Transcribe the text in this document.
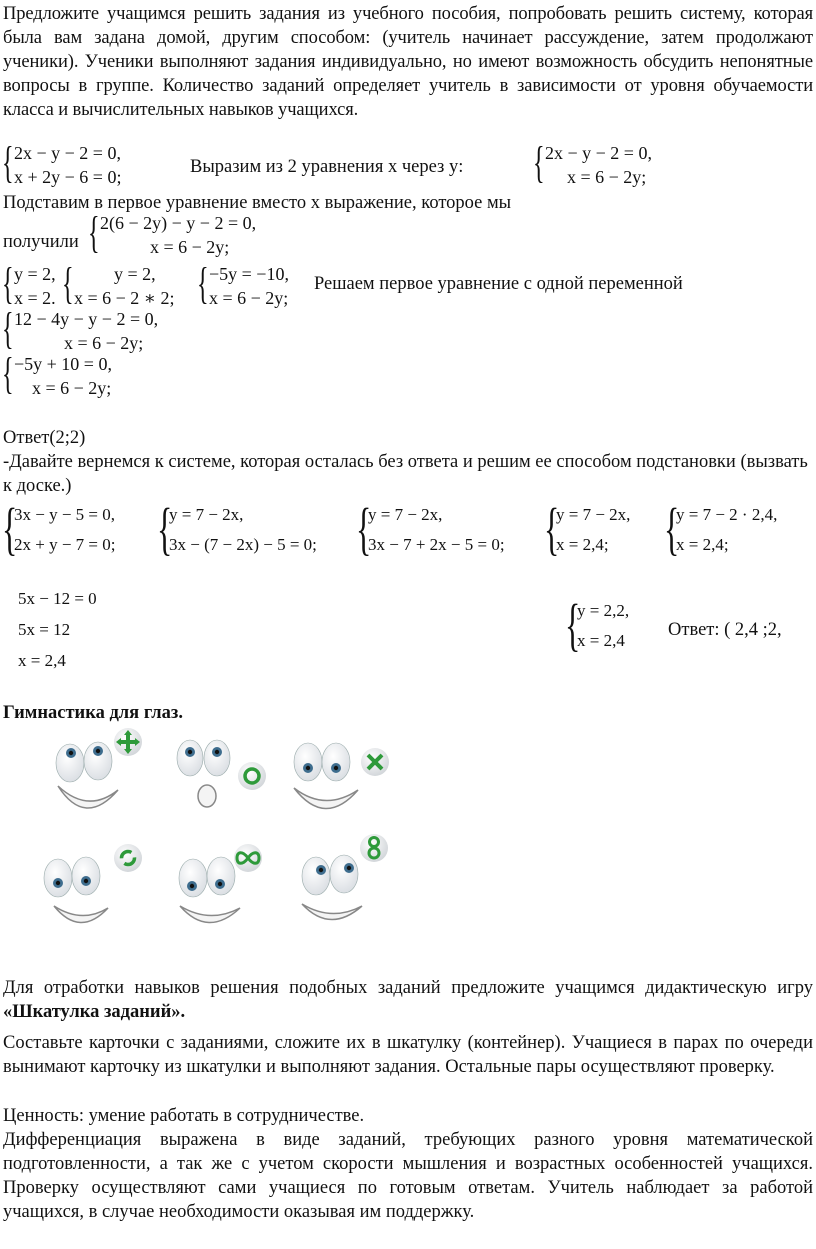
Предложите учащимся решить задания из учебного пособия, попробовать решить систему, которая была вам задана домой, другим способом: (учитель начинает рассуждение, затем продолжают ученики). Ученики выполняют задания индивидуально, но имеют возможность обсудить непонятные вопросы в группе. Количество заданий определяет учитель в зависимости от уровня обучаемости класса и вычислительных навыков учащихся.

{ 2x − y − 2 = 0,
x + 2y − 6 = 0;	Выразим из 2 уравнения x через y: { 2x − y − 2 = 0,
x = 6 − 2y;
Подставим в первое уравнение вместо x выражение, которое мы
получили { 2(6 − 2y) − y − 2 = 0,
x = 6 − 2y;
{ y = 2,
x = 2. {	y = 2,
x = 6 − 2 ∗ 2; { −5y = −10,
x = 6 − 2y;
Решаем первое уравнение с одной переменной
{ 12 − 4y − y − 2 = 0,
x = 6 − 2y;
{ −5y + 10 = 0,
x = 6 − 2y;
Ответ(2;2)

-Давайте вернемся к системе, которая осталась без ответа и решим ее способом подстановки (вызвать к доске.)

{
3x − y − 5 = 0,
2x + y − 7 = 0; {
y = 7 − 2x,
3x − (7 − 2x) − 5 = 0; {
y = 7 − 2x,
3x − 7 + 2x − 5 = 0; {
y = 7 − 2x,
x = 2,4; {
y = 7 − 2 · 2,4,
x = 2,4;
5x − 12 = 0
5x = 12
x = 2,4
{
y = 2,2,
x = 2,4
Ответ: ( 2,4 ;2,
Гимнастика для глаз.

Для отработки навыков решения подобных заданий предложите учащимся дидактическую игру «Шкатулка заданий».

Составьте карточки с заданиями, сложите их в шкатулку (контейнер). Учащиеся в парах по очереди вынимают карточку из шкатулки и выполняют задания. Остальные пары осуществляют проверку.

Ценность: умение работать в сотрудничестве.

Дифференциация выражена в виде заданий, требующих разного уровня математической подготовленности, а так же с учетом скорости мышления и возрастных особенностей учащихся. Проверку осуществляют сами учащиеся по готовым ответам. Учитель наблюдает за работой учащихся, в случае необходимости оказывая им поддержку.
